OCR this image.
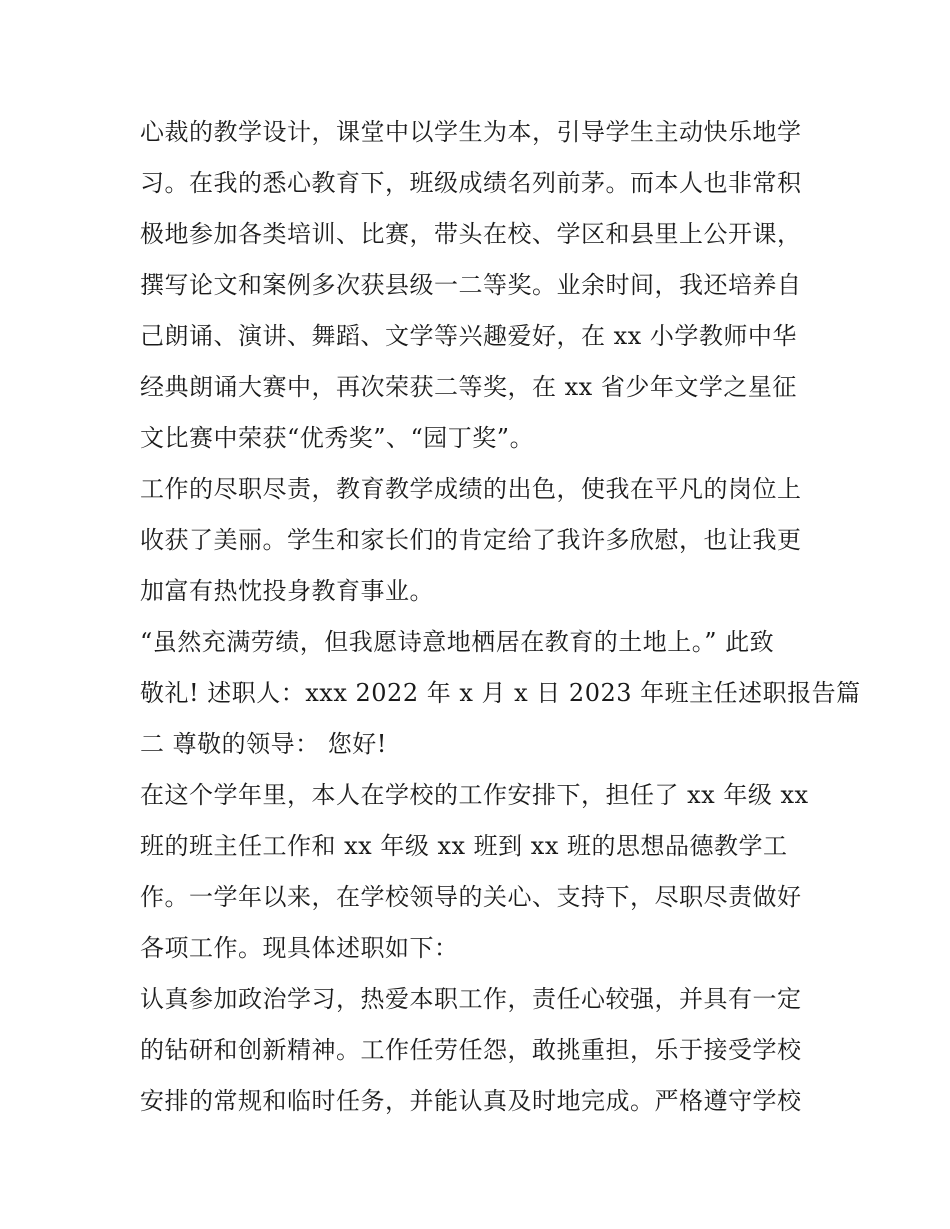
心裁的教学设计，课堂中以学生为本，引导学生主动快乐地学
习。在我的悉心教育下，班级成绩名列前茅。而本人也非常积
极地参加各类培训、比赛，带头在校、学区和县里上公开课，
撰写论文和案例多次获县级一二等奖。业余时间，我还培养自
己朗诵、演讲、舞蹈、文学等兴趣爱好，在 xx 小学教师中华
经典朗诵大赛中，再次荣获二等奖，在 xx 省少年文学之星征
文比赛中荣获“优秀奖”、“园丁奖”。
工作的尽职尽责，教育教学成绩的出色，使我在平凡的岗位上
收获了美丽。学生和家长们的肯定给了我许多欣慰，也让我更
加富有热忱投身教育事业。
“虽然充满劳绩，但我愿诗意地栖居在教育的土地上。” 此致
敬礼! 述职人：xxx 2022 年 x 月 x 日 2023 年班主任述职报告篇
二 尊敬的领导： 您好!
在这个学年里，本人在学校的工作安排下，担任了 xx 年级 xx
班的班主任工作和 xx 年级 xx 班到 xx 班的思想品德教学工
作。一学年以来，在学校领导的关心、支持下，尽职尽责做好
各项工作。现具体述职如下：
认真参加政治学习，热爱本职工作，责任心较强，并具有一定
的钻研和创新精神。工作任劳任怨，敢挑重担，乐于接受学校
安排的常规和临时任务，并能认真及时地完成。严格遵守学校
